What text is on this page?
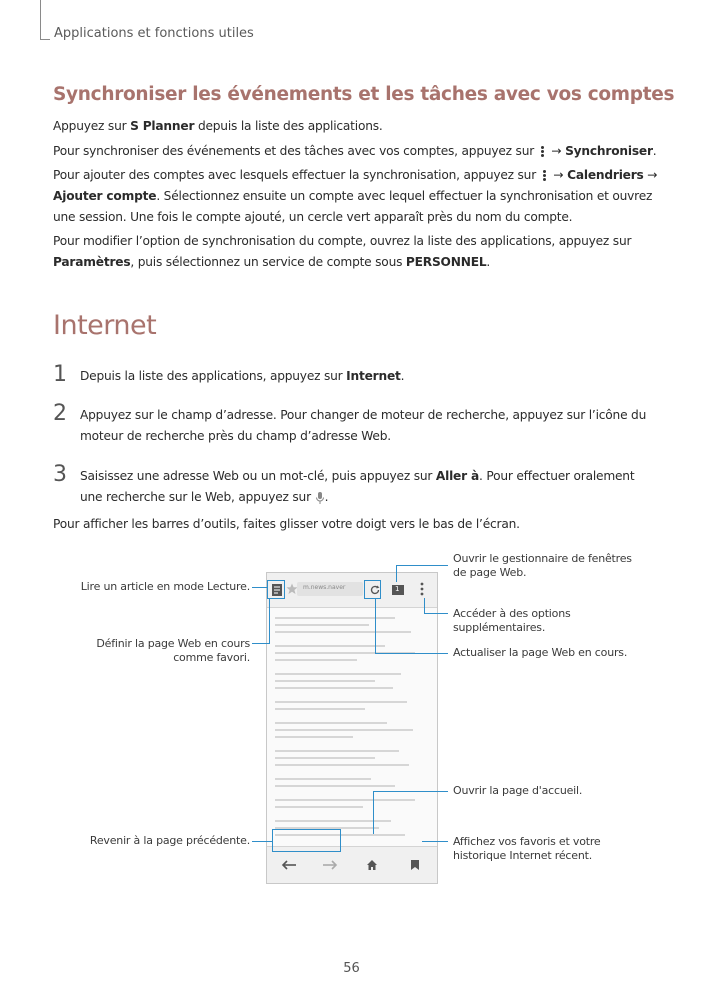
Applications et fonctions utiles
Synchroniser les événements et les tâches avec vos comptes
Appuyez sur S Planner depuis la liste des applications.
Pour synchroniser des événements et des tâches avec vos comptes, appuyez sur
→ Synchroniser.
Pour ajouter des comptes avec lesquels effectuer la synchronisation, appuyez sur
→ Calendriers → Ajouter compte. Sélectionnez ensuite un compte avec lequel effectuer la synchronisation et ouvrez une session. Une fois le compte ajouté, un cercle vert apparaît près du nom du compte.
Pour modifier l’option de synchronisation du compte, ouvrez la liste des applications, appuyez sur Paramètres, puis sélectionnez un service de compte sous PERSONNEL.
Internet
1 Depuis la liste des applications, appuyez sur Internet.
2 Appuyez sur le champ d’adresse. Pour changer de moteur de recherche, appuyez sur l’icône du moteur de recherche près du champ d’adresse Web.
3 Saisissez une adresse Web ou un mot-clé, puis appuyez sur Aller à. Pour effectuer oralement une recherche sur le Web, appuyez sur .
Pour afficher les barres d’outils, faites glisser votre doigt vers le bas de l’écran.
m.news.naver	1
Lire un article en mode Lecture.
Définir la page Web en cours comme favori.
Revenir à la page précédente.
Ouvrir le gestionnaire de fenêtres de page Web.
Accéder à des options supplémentaires.
Actualiser la page Web en cours.
Ouvrir la page d'accueil.
Affichez vos favoris et votre historique Internet récent.
56
